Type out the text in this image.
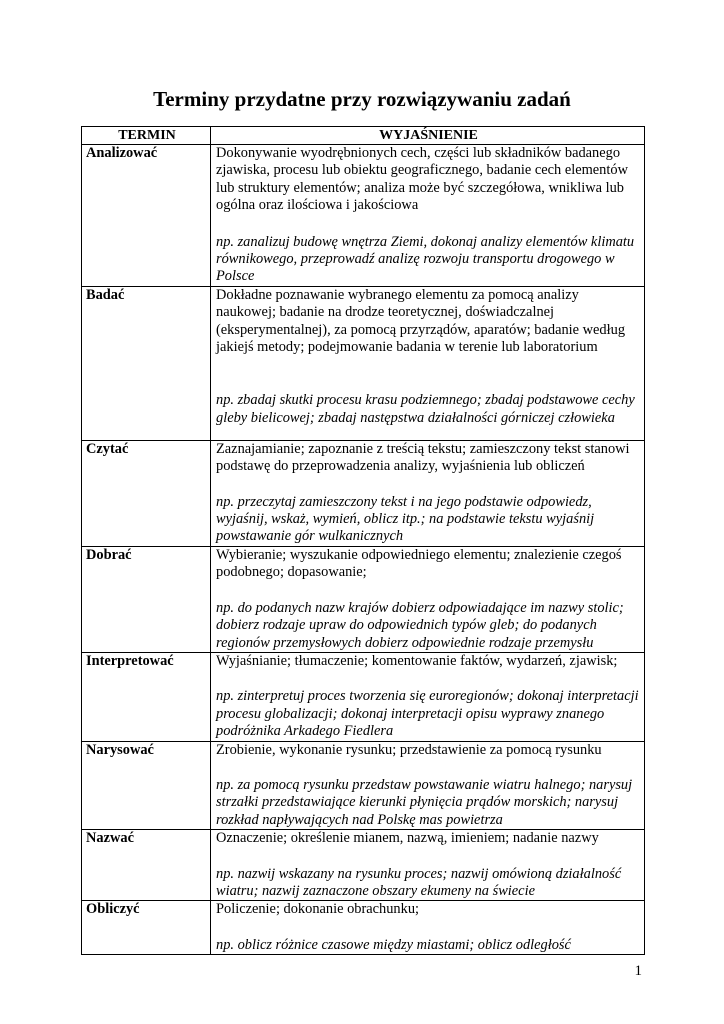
Terminy przydatne przy rozwiązywaniu zadań
TERMIN	WYJAŚNIENIE
Analizować	Dokonywanie wyodrębnionych cech, części lub składników badanego zjawiska, procesu lub obiektu geograficznego, badanie cech elementów lub struktury elementów; analiza może być szczegółowa, wnikliwa lub ogólna oraz ilościowa i jakościowa

np. zanalizuj budowę wnętrza Ziemi, dokonaj analizy elementów klimatu równikowego, przeprowadź analizę rozwoju transportu drogowego w Polsce

Badać	Dokładne poznawanie wybranego elementu za pomocą analizy naukowej; badanie na drodze teoretycznej, doświadczalnej (eksperymentalnej), za pomocą przyrządów, aparatów; badanie według jakiejś metody; podejmowanie badania w terenie lub laboratorium

np. zbadaj skutki procesu krasu podziemnego; zbadaj podstawowe cechy gleby bielicowej; zbadaj następstwa działalności górniczej człowieka

Czytać	Zaznajamianie; zapoznanie z treścią tekstu; zamieszczony tekst stanowi podstawę do przeprowadzenia analizy, wyjaśnienia lub obliczeń

np. przeczytaj zamieszczony tekst i na jego podstawie odpowiedz, wyjaśnij, wskaż, wymień, oblicz itp.; na podstawie tekstu wyjaśnij powstawanie gór wulkanicznych

Dobrać	Wybieranie; wyszukanie odpowiedniego elementu; znalezienie czegoś podobnego; dopasowanie;

np. do podanych nazw krajów dobierz odpowiadające im nazwy stolic; dobierz rodzaje upraw do odpowiednich typów gleb; do podanych regionów przemysłowych dobierz odpowiednie rodzaje przemysłu

Interpretować	Wyjaśnianie; tłumaczenie; komentowanie faktów, wydarzeń, zjawisk;

np. zinterpretuj proces tworzenia się euroregionów; dokonaj interpretacji procesu globalizacji; dokonaj interpretacji opisu wyprawy znanego podróżnika Arkadego Fiedlera

Narysować	Zrobienie, wykonanie rysunku; przedstawienie za pomocą rysunku

np. za pomocą rysunku przedstaw powstawanie wiatru halnego; narysuj strzałki przedstawiające kierunki płynięcia prądów morskich; narysuj rozkład napływających nad Polskę mas powietrza

Nazwać	Oznaczenie; określenie mianem, nazwą, imieniem; nadanie nazwy

np. nazwij wskazany na rysunku proces; nazwij omówioną działalność wiatru; nazwij zaznaczone obszary ekumeny na świecie

Obliczyć	Policzenie; dokonanie obrachunku;

np. oblicz różnice czasowe między miastami; oblicz odległość

1
